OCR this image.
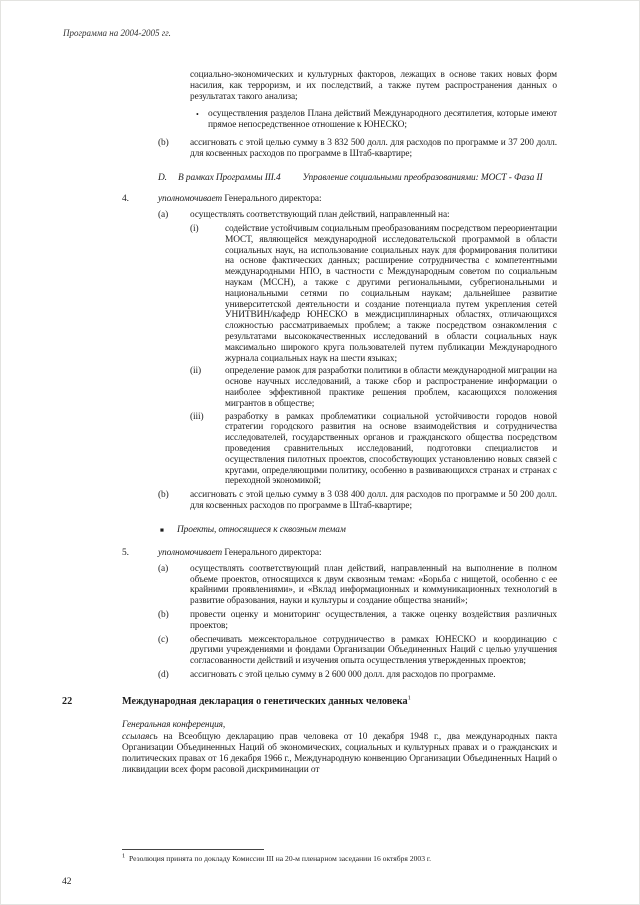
Программа на 2004-2005 гг.

социально-экономических и культурных факторов, лежащих в основе таких новых форм насилия, как терроризм, и их последствий, а также путем распространения данных о результатах такого анализа;

• осуществления разделов Плана действий Международного десятилетия, которые имеют прямое непосредственное отношение к ЮНЕСКО;
(b)	ассигновать с этой целью сумму в 3 832 500 долл. для расходов по программе и 37 200 долл. для косвенных расходов по программе в Штаб-квартире;
D.	В рамках Программы III.4 Управление социальными преобразованиями: МОСТ - Фаза II
4.	уполномочивает Генерального директора:
(a)	осуществлять соответствующий план действий, направленный на:
(i)	содействие устойчивым социальным преобразованиям посредством переориентации МОСТ, являющейся международной исследовательской программой в области социальных наук, на использование социальных наук для формирования политики на основе фактических данных; расширение сотрудничества с компетентными международными НПО, в частности с Международным советом по социальным наукам (МССН), а также с другими региональными, субрегиональными и национальными сетями по социальным наукам; дальнейшее развитие университетской деятельности и создание потенциала путем укрепления сетей УНИТВИН/кафедр ЮНЕСКО в междисциплинарных областях, отличающихся сложностью рассматриваемых проблем; а также посредством ознакомления с результатами высококачественных исследований в области социальных наук максимально широкого круга пользователей путем публикации Международного журнала социальных наук на шести языках;
(ii)	определение рамок для разработки политики в области международной миграции на основе научных исследований, а также сбор и распространение информации о наиболее эффективной практике решения проблем, касающихся положения мигрантов в обществе;
(iii)	разработку в рамках проблематики социальной устойчивости городов новой стратегии городского развития на основе взаимодействия и сотрудничества исследователей, государственных органов и гражданского общества посредством проведения сравнительных исследований, подготовки специалистов и осуществления пилотных проектов, способствующих установлению новых связей с кругами, определяющими политику, особенно в развивающихся странах и странах с переходной экономикой;
(b)	ассигновать с этой целью сумму в 3 038 400 долл. для расходов по программе и 50 200 долл. для косвенных расходов по программе в Штаб-квартире;
■	Проекты, относящиеся к сквозным темам
5.	уполномочивает Генерального директора:
(a)	осуществлять соответствующий план действий, направленный на выполнение в полном объеме проектов, относящихся к двум сквозным темам: «Борьба с нищетой, особенно с ее крайними проявлениями», и «Вклад информационных и коммуникационных технологий в развитие образования, науки и культуры и создание общества знаний»;
(b)	провести оценку и мониторинг осуществления, а также оценку воздействия различных проектов;
(c)	обеспечивать межсекторальное сотрудничество в рамках ЮНЕСКО и координацию с другими учреждениями и фондами Организации Объединенных Наций с целью улучшения согласованности действий и изучения опыта осуществления утвержденных проектов;
(d)	ассигновать с этой целью сумму в 2 600 000 долл. для расходов по программе.
22	Международная декларация о генетических данных человека$^1$

Генеральная конференция,

ссылаясь на Всеобщую декларацию прав человека от 10 декабря 1948 г., два международных пакта Организации Объединенных Наций об экономических, социальных и культурных правах и о гражданских и политических правах от 16 декабря 1966 г., Международную конвенцию Организации Объединенных Наций о ликвидации всех форм расовой дискриминации от

$^1$ Резолюция принята по докладу Комиссии III на 20-м пленарном заседании 16 октября 2003 г.
42
